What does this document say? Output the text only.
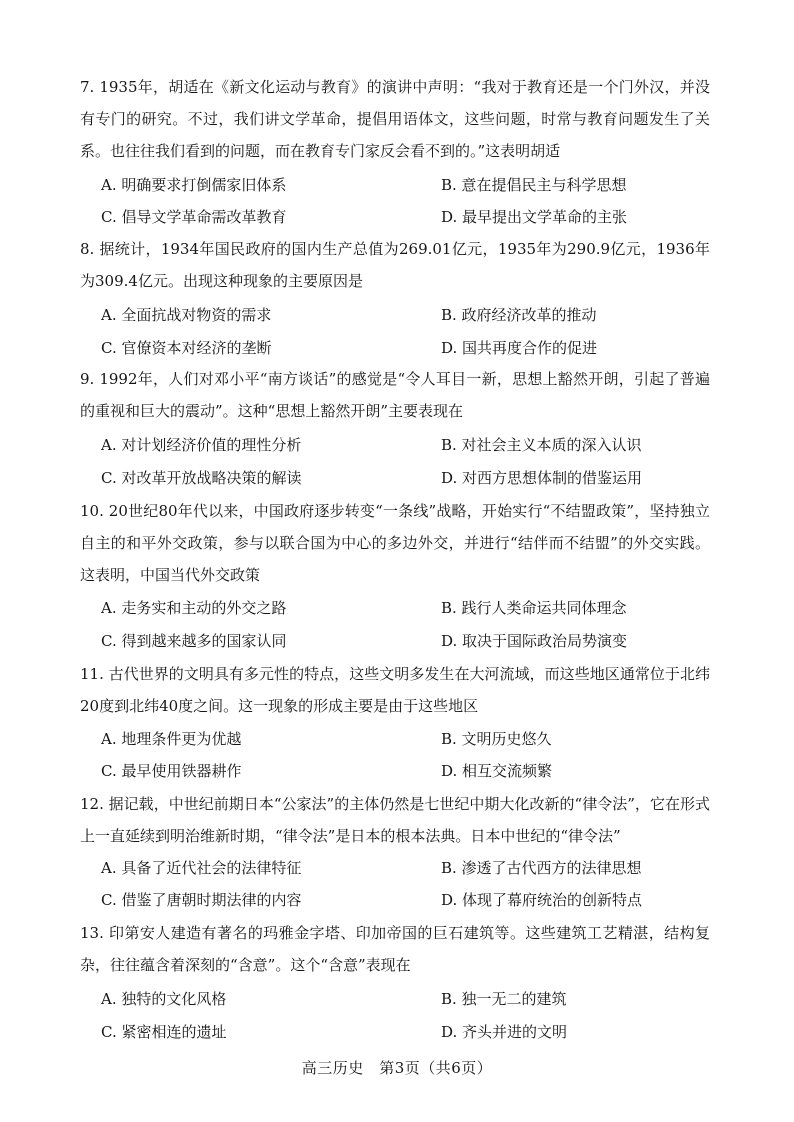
7. 1935年，胡适在《新文化运动与教育》的演讲中声明：“我对于教育还是一个门外汉，并没有专门的研究。不过，我们讲文学革命，提倡用语体文，这些问题，时常与教育问题发生了关系。也往往我们看到的问题，而在教育专门家反会看不到的。”这表明胡适
A. 明确要求打倒儒家旧体系	B. 意在提倡民主与科学思想
C. 倡导文学革命需改革教育	D. 最早提出文学革命的主张
8. 据统计，1934年国民政府的国内生产总值为269.01亿元，1935年为290.9亿元，1936年为309.4亿元。出现这种现象的主要原因是
A. 全面抗战对物资的需求	B. 政府经济改革的推动
C. 官僚资本对经济的垄断	D. 国共再度合作的促进
9. 1992年，人们对邓小平“南方谈话”的感觉是“令人耳目一新，思想上豁然开朗，引起了普遍的重视和巨大的震动”。这种“思想上豁然开朗”主要表现在
A. 对计划经济价值的理性分析	B. 对社会主义本质的深入认识
C. 对改革开放战略决策的解读	D. 对西方思想体制的借鉴运用
10. 20世纪80年代以来，中国政府逐步转变“一条线”战略，开始实行“不结盟政策”，坚持独立自主的和平外交政策，参与以联合国为中心的多边外交，并进行“结伴而不结盟”的外交实践。这表明，中国当代外交政策
A. 走务实和主动的外交之路	B. 践行人类命运共同体理念
C. 得到越来越多的国家认同	D. 取决于国际政治局势演变
11. 古代世界的文明具有多元性的特点，这些文明多发生在大河流域，而这些地区通常位于北纬20度到北纬40度之间。这一现象的形成主要是由于这些地区
A. 地理条件更为优越	B. 文明历史悠久
C. 最早使用铁器耕作	D. 相互交流频繁
12. 据记载，中世纪前期日本“公家法”的主体仍然是七世纪中期大化改新的“律令法”，它在形式上一直延续到明治维新时期，“律令法”是日本的根本法典。日本中世纪的“律令法”
A. 具备了近代社会的法律特征	B. 渗透了古代西方的法律思想
C. 借鉴了唐朝时期法律的内容	D. 体现了幕府统治的创新特点
13. 印第安人建造有著名的玛雅金字塔、印加帝国的巨石建筑等。这些建筑工艺精湛，结构复杂，往往蕴含着深刻的“含意”。这个“含意”表现在
A. 独特的文化风格	B. 独一无二的建筑
C. 紧密相连的遗址	D. 齐头并进的文明
高三历史　第3页（共6页）
